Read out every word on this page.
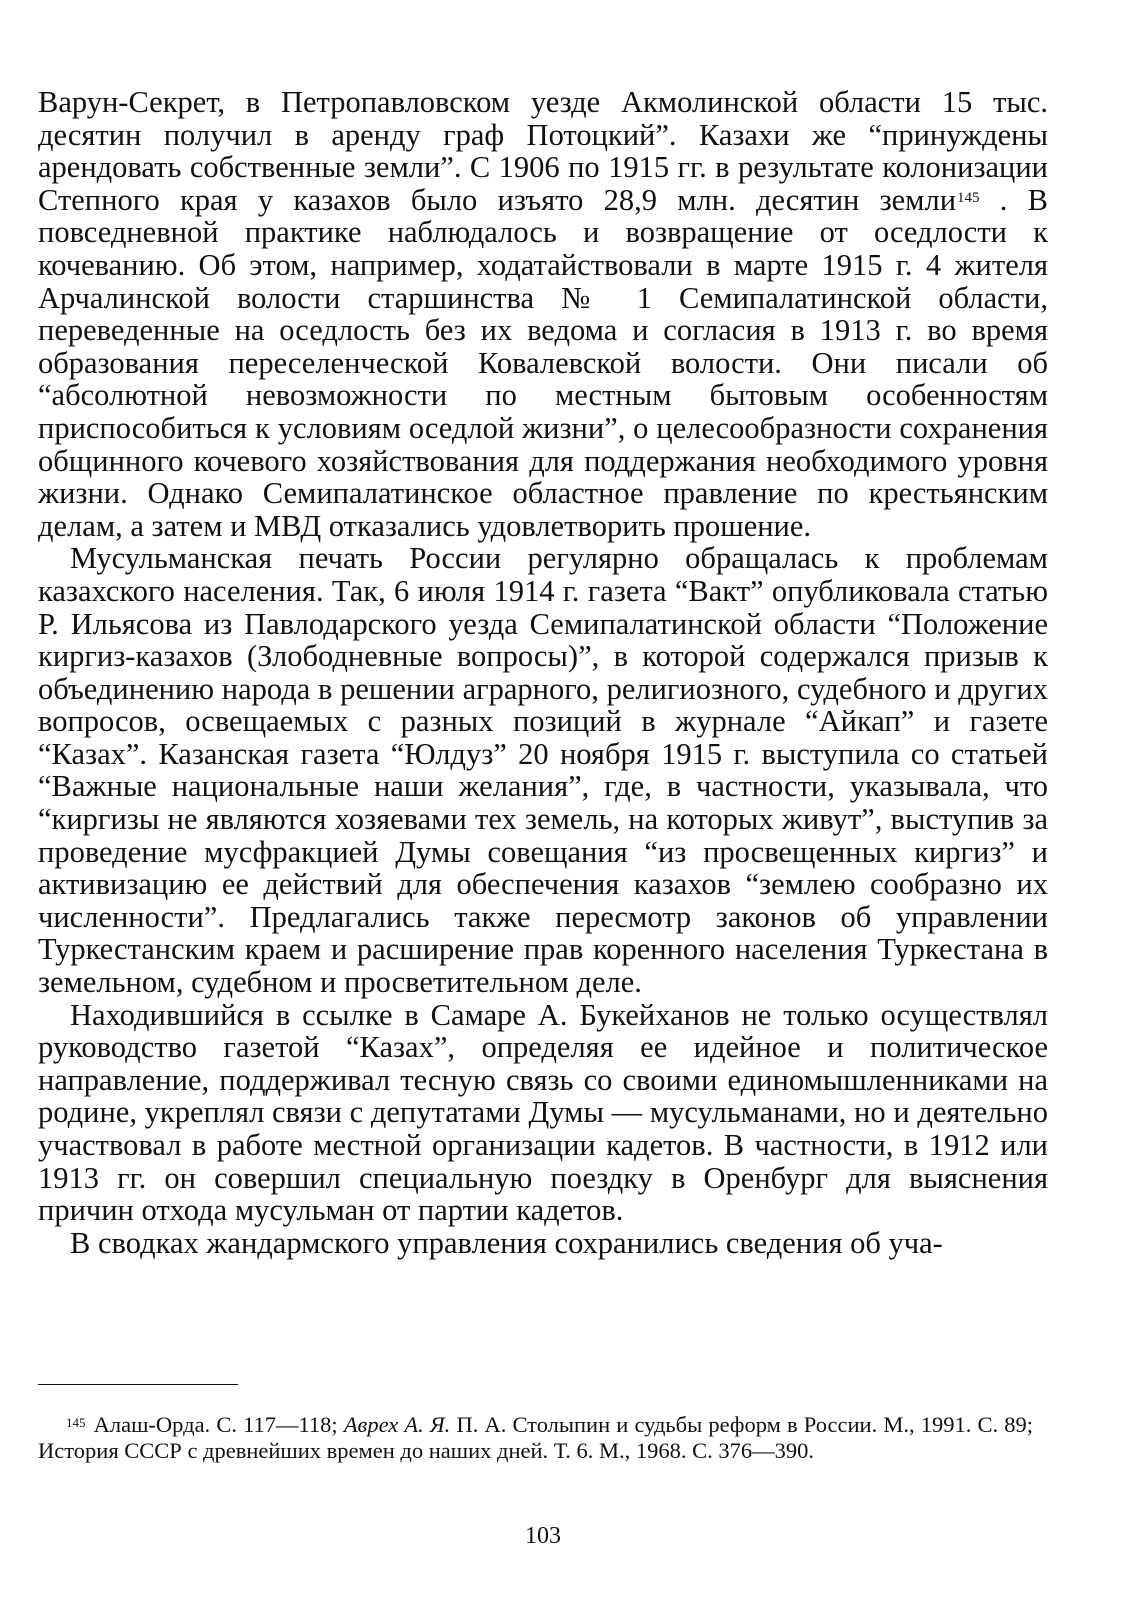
Варун-Секрет, в Петропавловском уезде Акмолинской области 15 тыс. десятин получил в аренду граф Потоцкий”. Казахи же “принуждены арендовать собственные земли”. С 1906 по 1915 гг. в результате колонизации Степного края у казахов было изъято 28,9 млн. десятин земли$^{145}$ . В повседневной практике наблюдалось и возвращение от оседлости к кочеванию. Об этом, например, ходатайствовали в марте 1915 г. 4 жителя Арчалинской волости старшинства № 1 Семипалатинской области, переведенные на оседлость без их ведома и согласия в 1913 г. во время образования переселенческой Ковалевской волости. Они писали об “абсолютной невозможности по местным бытовым особенностям приспособиться к условиям оседлой жизни”, о целесообразности сохранения общинного кочевого хозяйствования для поддержания необходимого уровня жизни. Однако Семипалатинское областное правление по крестьянским делам, а затем и МВД отказались удовлетворить прошение.

Мусульманская печать России регулярно обращалась к проблемам казахского населения. Так, 6 июля 1914 г. газета “Вакт” опубликовала статью Р. Ильясова из Павлодарского уезда Семипалатинской области “Положение киргиз-казахов (Злободневные вопросы)”, в которой содержался призыв к объединению народа в решении аграрного, религиозного, судебного и других вопросов, освещаемых с разных позиций в журнале “Айкап” и газете “Казах”. Казанская газета “Юлдуз” 20 ноября 1915 г. выступила со статьей “Важные национальные наши желания”, где, в частности, указывала, что “киргизы не являются хозяевами тех земель, на которых живут”, выступив за проведение мусфракцией Думы совещания “из просвещенных киргиз” и активизацию ее действий для обеспечения казахов “землею сообразно их численности”. Предлагались также пересмотр законов об управлении Туркестанским краем и расширение прав коренного населения Туркестана в земельном, судебном и просветительном деле.

Находившийся в ссылке в Самаре А. Букейханов не только осуществлял руководство газетой “Казах”, определяя ее идейное и политическое направление, поддерживал тесную связь со своими единомышленниками на родине, укреплял связи с депутатами Думы — мусульманами, но и деятельно участвовал в работе местной организации кадетов. В частности, в 1912 или 1913 гг. он совершил специальную поездку в Оренбург для выяснения причин отхода мусульман от партии кадетов.

В сводках жандармского управления сохранились сведения об уча-

$^{145}$ Алаш-Орда. С. 117—118; Аврех А. Я. П. А. Столыпин и судьбы реформ в России. М., 1991. С. 89; История СССР с древнейших времен до наших дней. Т. 6. М., 1968. С. 376—390.
103
